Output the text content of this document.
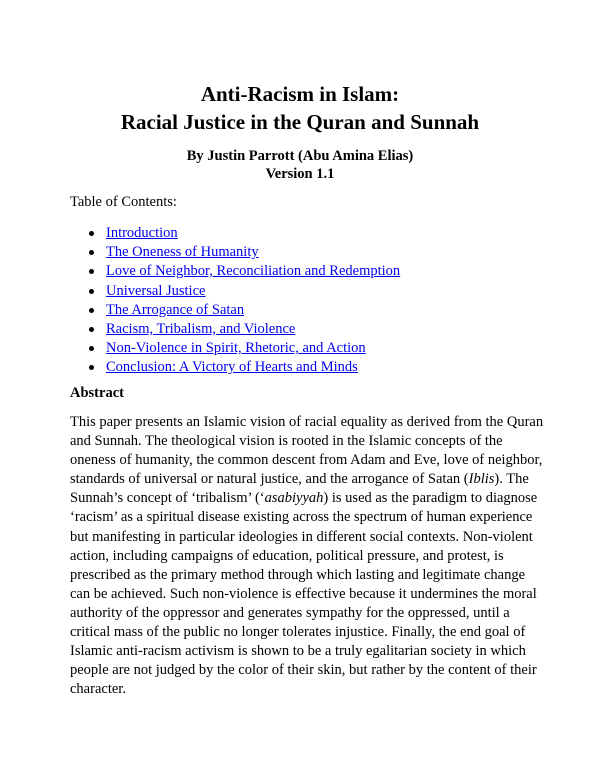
Anti-Racism in Islam:
Racial Justice in the Quran and Sunnah
By Justin Parrott (Abu Amina Elias)
Version 1.1
Table of Contents:
Introduction
The Oneness of Humanity
Love of Neighbor, Reconciliation and Redemption
Universal Justice
The Arrogance of Satan
Racism, Tribalism, and Violence
Non-Violence in Spirit, Rhetoric, and Action
Conclusion: A Victory of Hearts and Minds
Abstract
This paper presents an Islamic vision of racial equality as derived from the Quran
and Sunnah. The theological vision is rooted in the Islamic concepts of the
oneness of humanity, the common descent from Adam and Eve, love of neighbor,
standards of universal or natural justice, and the arrogance of Satan (Iblis). The
Sunnah’s concept of ‘tribalism’ (‘asabiyyah) is used as the paradigm to diagnose
‘racism’ as a spiritual disease existing across the spectrum of human experience
but manifesting in particular ideologies in different social contexts. Non-violent
action, including campaigns of education, political pressure, and protest, is
prescribed as the primary method through which lasting and legitimate change
can be achieved. Such non-violence is effective because it undermines the moral
authority of the oppressor and generates sympathy for the oppressed, until a
critical mass of the public no longer tolerates injustice. Finally, the end goal of
Islamic anti-racism activism is shown to be a truly egalitarian society in which
people are not judged by the color of their skin, but rather by the content of their
character.
